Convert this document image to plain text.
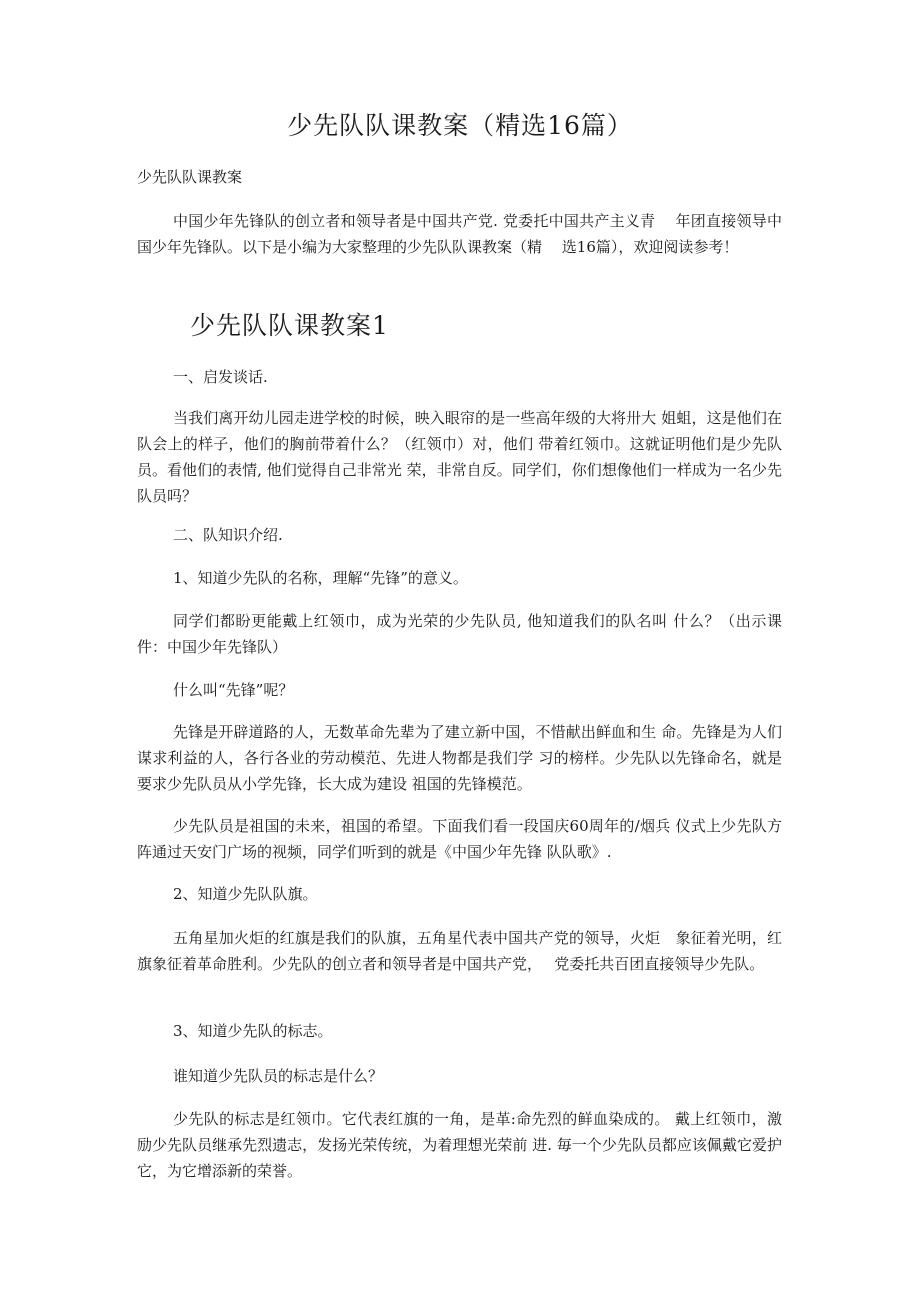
少先队队课教案（精选16篇）
少先队队课教案

中国少年先锋队的创立者和领导者是中国共产党. 党委托中国共产主义青　 年团直接领导中国少年先锋队。以下是小编为大家整理的少先队队课教案（精　 选16篇），欢迎阅读参考！

少先队队课教案1

一、启发谈话.

当我们离开幼儿园走进学校的时候，映入眼帘的是一些高年级的大将卅大 姐蛆，这是他们在队会上的样子，他们的胸前带着什么？（红领巾）对，他们 带着红领巾。这就证明他们是少先队员。看他们的表情, 他们觉得自己非常光 荣，非常自反。同学们，你们想像他们一样成为一名少先队员吗？

二、队知识介绍.

1、知道少先队的名称，理解“先锋”的意义。

同学们都盼更能戴上红领巾，成为光荣的少先队员, 他知道我们的队名叫 什么？（出示课件：中国少年先锋队）

什么叫“先锋”呢？

先锋是开辟道路的人，无数革命先辈为了建立新中国，不惜献出鲜血和生 命。先锋是为人们谋求利益的人，各行各业的劳动模范、先进人物都是我们学 习的榜样。少先队以先锋命名，就是要求少先队员从小学先锋，长大成为建设 祖国的先锋模范。

少先队员是祖国的未来，祖国的希望。下面我们看一段国庆60周年的/烟兵 仪式上少先队方阵通过天安门广场的视频，同学们听到的就是《中国少年先锋 队队歌》.

2、知道少先队队旗。

五角星加火炬的红旗是我们的队旗，五角星代表中国共产党的领导，火炬　象征着光明，红旗象征着革命胜利。少先队的创立者和领导者是中国共产党，　 党委托共百团直接领导少先队。

3、知道少先队的标志。

谁知道少先队员的标志是什么？

少先队的标志是红领巾。它代表红旗的一角，是革:命先烈的鲜血染成的。 戴上红领巾，激励少先队员继承先烈遗志，发扬光荣传统，为着理想光荣前 进. 毎一个少先队员都应该佩戴它爱护它，为它增添新的荣誉。
